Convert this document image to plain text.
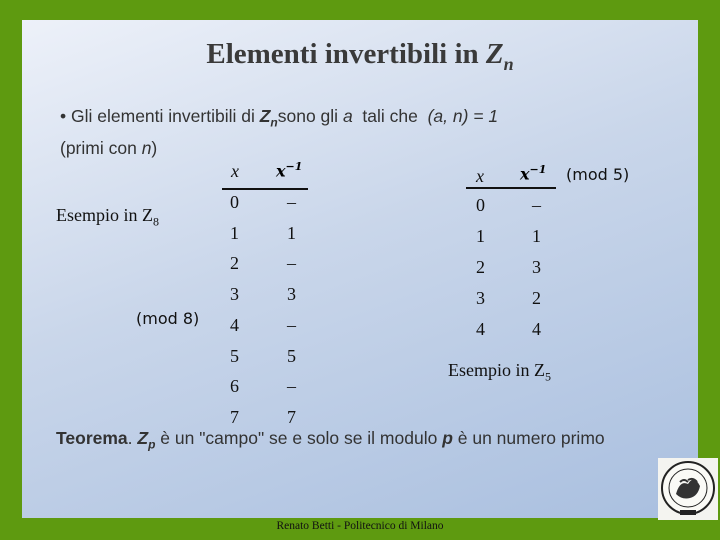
Elementi invertibili in $Z_n$
• Gli elementi invertibili di $Z_nsono$ gli a  tali che  (a, n) = 1
(primi con n)
Esempio in $Z_8$
(mod 8)
x $x^{-1}$
0	–
1	1
2	–
3	3
4	–
5	5
6	–
7	7
x $x^{-1}$ (mod 5)
0	–
1	1
2	3
3	2
4	4
Esempio in $Z_5$
Teorema. $Z_p$ è un "campo" se e solo se il modulo p è un numero primo
Renato Betti - Politecnico di Milano
